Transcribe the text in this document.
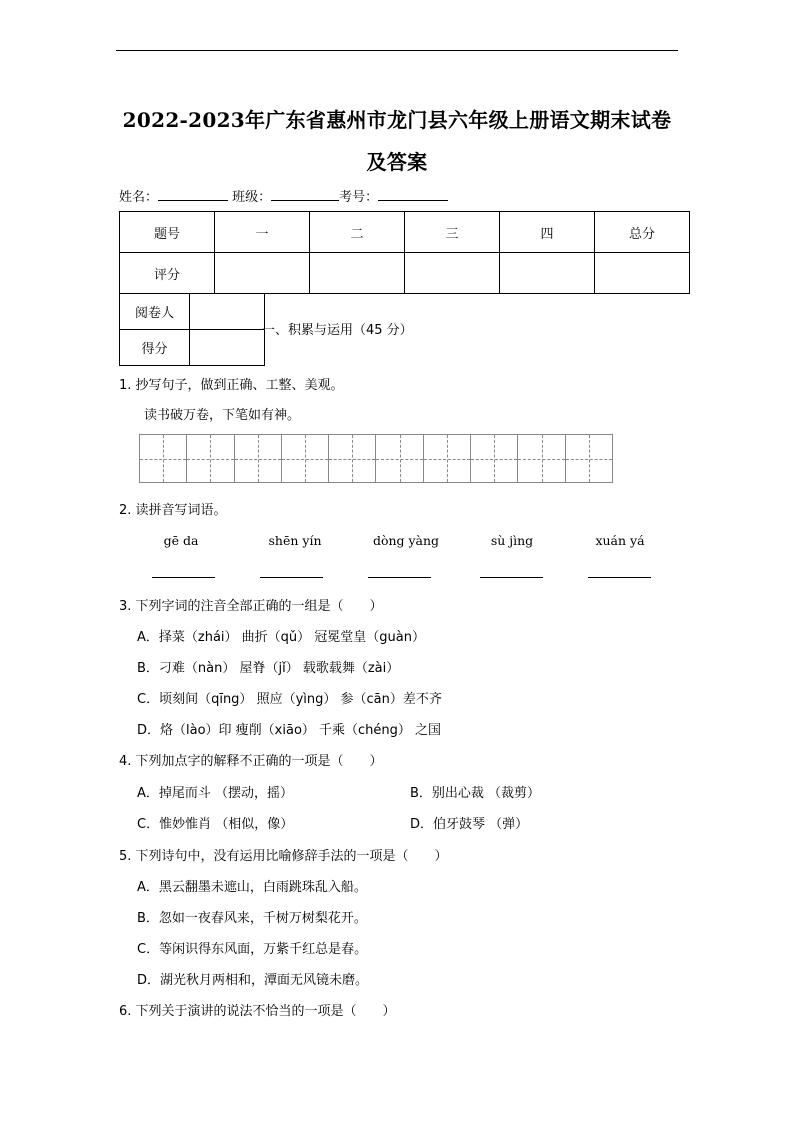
2022-2023年广东省惠州市龙门县六年级上册语文期末试卷
及答案
姓名：	班级：	考号：
题号	一	二	三	四	总分
评分					
阅卷人	
得分	
一、积累与运用（45 分）
1. 抄写句子，做到正确、工整、美观。
读书破万卷，下笔如有神。
2. 读拼音写词语。
gē da	shēn yín	dòng yàng	sù jìng	xuán yá
3. 下列字词的注音全部正确的一组是（　　）
A．择菜（zhái） 曲折（qǔ） 冠冕堂皇（guàn）
B．刁难（nàn） 屋脊（jǐ） 载歌载舞（zài）
C．顷刻间（qīng） 照应（yìng） 参（cān）差不齐
D．烙（lào）印 瘦削（xiāo） 千乘（chéng） 之国
4. 下列加点字的解释不正确的一项是（　　）
A．掉尾而斗 （摆动，摇）	B．别出心裁 （裁剪）
C．惟妙惟肖 （相似，像）	D．伯牙鼓琴 （弹）
5. 下列诗句中，没有运用比喻修辞手法的一项是（　　）
A．黑云翻墨未遮山，白雨跳珠乱入船。
B．忽如一夜春风来，千树万树梨花开。
C．等闲识得东风面，万紫千红总是春。
D．湖光秋月两相和，潭面无风镜未磨。
6. 下列关于演讲的说法不恰当的一项是（　　）
